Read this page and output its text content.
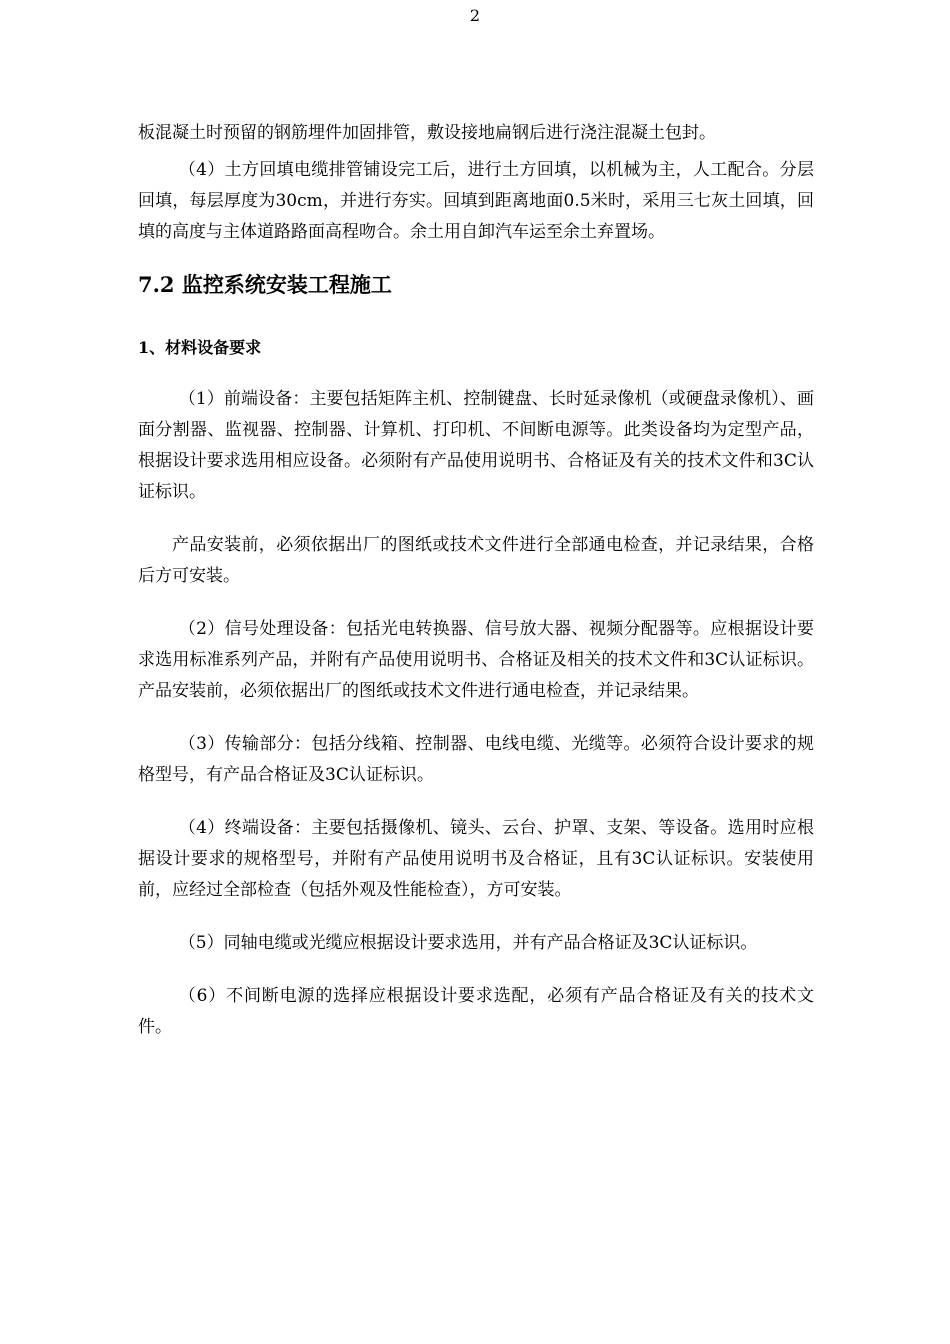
2

板混凝土时预留的钢筋埋件加固排管，敷设接地扁钢后进行浇注混凝土包封。

（4）土方回填电缆排管铺设完工后，进行土方回填，以机械为主，人工配合。分层回填，每层厚度为30cm，并进行夯实。回填到距离地面0.5米时，采用三七灰土回填，回填的高度与主体道路路面高程吻合。余土用自卸汽车运至余土弃置场。

7.2 监控系统安装工程施工
1、材料设备要求

（1）前端设备：主要包括矩阵主机、控制键盘、长时延录像机（或硬盘录像机）、画面分割器、监视器、控制器、计算机、打印机、不间断电源等。此类设备均为定型产品，根据设计要求选用相应设备。必须附有产品使用说明书、合格证及有关的技术文件和3C认证标识。

产品安装前，必须依据出厂的图纸或技术文件进行全部通电检查，并记录结果，合格后方可安装。

（2）信号处理设备：包括光电转换器、信号放大器、视频分配器等。应根据设计要求选用标准系列产品，并附有产品使用说明书、合格证及相关的技术文件和3C认证标识。产品安装前，必须依据出厂的图纸或技术文件进行通电检查，并记录结果。

（3）传输部分：包括分线箱、控制器、电线电缆、光缆等。必须符合设计要求的规格型号，有产品合格证及3C认证标识。

（4）终端设备：主要包括摄像机、镜头、云台、护罩、支架、等设备。选用时应根据设计要求的规格型号，并附有产品使用说明书及合格证，且有3C认证标识。安装使用前，应经过全部检查（包括外观及性能检查），方可安装。

（5）同轴电缆或光缆应根据设计要求选用，并有产品合格证及3C认证标识。

（6）不间断电源的选择应根据设计要求选配，必须有产品合格证及有关的技术文件。
